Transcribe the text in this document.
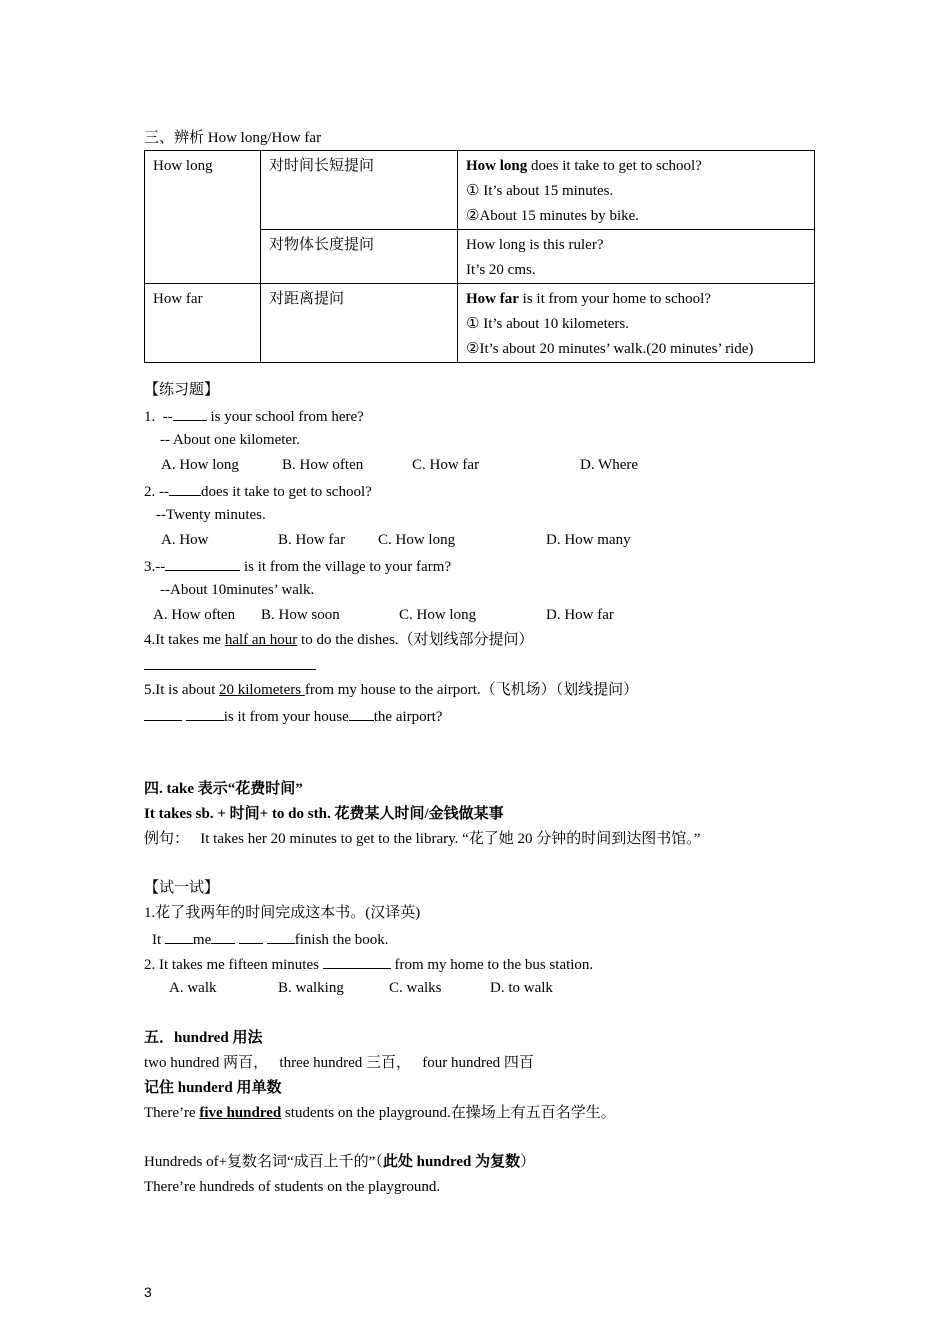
三、辨析 How long/How far
How long	对时间长短提问	How long does it take to get to school?
① It’s about 15 minutes.
②About 15 minutes by bike.

	对物体长度提问	How long is this ruler?
It’s 20 cms.

How far	对距离提问	How far is it from your home to school?
① It’s about 10 kilometers.
②It’s about 20 minutes’ walk.(20 minutes’ ride)
【练习题】
1.  -- is your school from here?
-- About one kilometer.
A. How long	B. How often	C. How far	D. Where
2. -- does it take to get to school?
--Twenty minutes.
A. How	B. How far C. How long	D. How many
3.--	is it from the village to your farm?
--About 10minutes’ walk.
A. How often B. How soon	C. How long	D. How far
4.It takes me half an hour to do the dishes.（对划线部分提问）
5.It is about 20 kilometers from my house to the airport.（飞机场）（划线提问）
is it from your house the airport?
四. take 表示“花费时间”
It takes sb. + 时间+ to do sth. 花费某人时间/金钱做某事
例句：   It takes her 20 minutes to get to the library. “花了她 20 分钟的时间到达图书馆。”
【试一试】
1.花了我两年的时间完成这本书。(汉译英)
It me	finish the book.
2. It takes me fifteen minutes	from my home to the bus station.
A. walk	B. walking	C. walks	D. to walk
五．hundred 用法
two hundred 两百，   three hundred 三百，   four hundred 四百
记住 hunderd 用单数
There’re five hundred students on the playground.在操场上有五百名学生。
Hundreds of+复数名词“成百上千的”（此处 hundred 为复数）
There’re hundreds of students on the playground.
3
